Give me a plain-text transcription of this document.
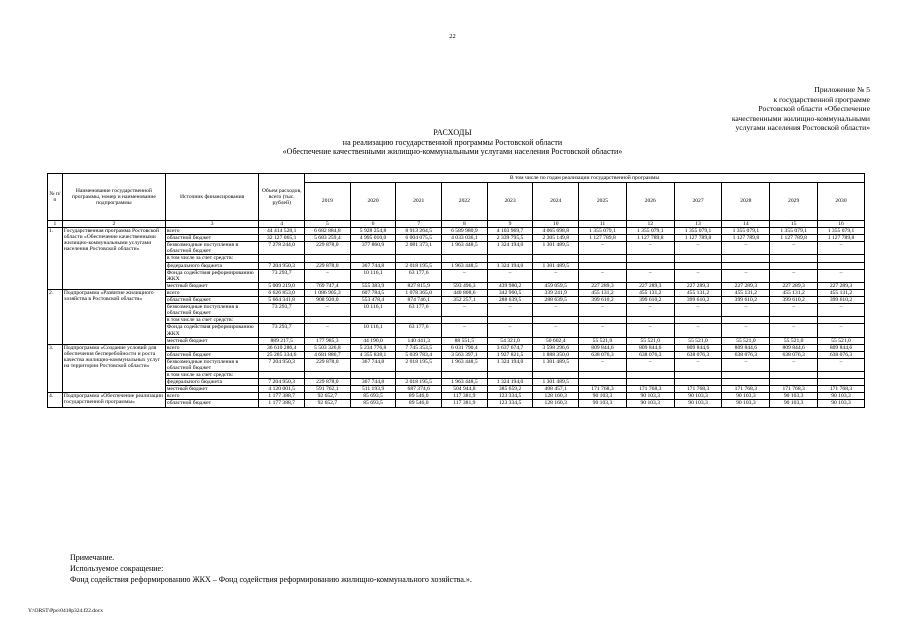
22
Приложение № 5
к государственной программе
Ростовской области «Обеспечение
качественными жилищно-коммунальными
услугами населения Ростовской области»
РАСХОДЫ
на реализацию государственной программы Ростовской области
«Обеспечение качественными жилищно-коммунальными услугами населения Ростовской области»
№ п/п	Наименование государственной программы, номер и наименование подпрограммы	Источник финансирования	Объем расходов, всего (тыс. рублей)	В том числе по годам реализации государственной программы											
				2019	2020	2021	2022	2023	2024	2025	2026	2027	2028	2029	2030
1	2	3	4	5	6	7	8	9	10	11	12	13	14	15	16
1.	Государственная программа Ростовской области «Обеспечение качественными жилищно-коммунальными услугами населения Ростовской области»	всего	44 414 528,1	6 682 884,8	5 928 254,8	8 913 264,5	6 589 980,9	4 103 969,7	4 065 698,8	1 355 079,1	1 355 079,1	1 355 079,1	1 355 079,1	1 355 079,1	1 355 079,1
		областной бюджет	32 127 065,1	5 683 259,4	4 995 010,0	6 004 075,5	4 033 036,1	2 339 795,5	2 305 149,8	1 127 789,8	1 127 789,8	1 127 789,8	1 127 789,8	1 127 789,8	1 127 789,8
		безвозмездные поступления в областной бюджет	7 278 244,0	229 878,0	377 860,9	2 081 373,1	1 963 448,5	1 324 194,0	1 301 489,5	–	–	–	–	–	–
		в том числе за счет средств:													
		федерального бюджета	7 204 950,3	229 878,0	367 744,8	2 018 195,5	1 963 448,5	1 324 194,0	1 301 489,5						
		Фонда содействия реформированию ЖКХ	73 293,7	–	10 116,1	63 177,6	–	–	–	–	–	–	–	–	–
		местный бюджет	5 009 219,0	769 747,4	555 383,9	827 815,9	593 496,3	439 980,2	459 059,5	227 289,3	227 289,3	227 289,3	227 289,3	227 289,3	227 289,3
2.	Подпрограмма «Развитие жилищного хозяйства в Ростовской области»	всего	6 626 853,0	1 086 905,3	607 784,5	1 078 365,0	440 808,6	342 960,5	339 241,9	455 131,2	455 131,2	455 131,2	455 131,2	455 131,2	455 131,2
		областной бюджет	5 664 341,8	908 920,0	553 478,4	874 746,1	352 257,1	288 639,5	288 639,5	399 610,2	399 610,2	399 610,2	399 610,2	399 610,2	399 610,2
		безвозмездные поступления в областной бюджет	73 293,7	–	10 116,1	63 177,6	–	–	–	–	–	–	–	–	–
		в том числе за счет средств:													
		Фонда содействия реформированию ЖКХ	73 293,7	–	10 116,1	63 177,6	–	–	–	–	–	–	–	–	–
		местный бюджет	889 217,5	177 985,3	44 190,0	140 441,3	88 551,5	54 321,0	50 602,4	55 521,0	55 521,0	55 521,0	55 521,0	55 521,0	55 521,0
3.	Подпрограмма «Создание условий для обеспечения бесперебойности и роста качества жилищно-коммунальных услуг на территории Ростовской области»	всего	36 610 286,4	5 503 326,8	5 234 776,8	7 745 353,5	6 031 790,4	3 637 674,7	3 598 296,6	809 844,6	809 844,6	809 844,6	809 844,6	809 844,6	809 844,6
		областной бюджет	25 285 334,6	4 681 886,7	4 355 838,1	5 039 783,4	3 563 397,1	1 927 821,5	1 888 350,0	638 076,3	638 076,3	638 076,3	638 076,3	638 076,3	638 076,3
		безвозмездные поступления в областной бюджет	7 204 950,3	229 878,0	367 744,8	2 018 195,5	1 963 448,5	1 324 194,0	1 301 489,5	–	–	–	–	–	–
		в том числе за счет средств:													
		федерального бюджета	7 204 950,3	229 878,0	367 744,8	2 018 195,5	1 963 448,5	1 324 194,0	1 301 489,5						
		местный бюджет	4 120 001,5	591 762,1	511 193,9	687 374,6	504 944,8	385 659,2	408 457,1	171 768,3	171 768,3	171 768,3	171 768,3	171 768,3	171 768,3
4.	Подпрограмма «Обеспечение реализации государственной программы»	всего	1 177 388,7	92 652,7	85 693,5	89 546,0	117 381,9	123 334,5	128 160,3	90 103,3	90 103,3	90 103,3	90 103,3	90 103,3	90 103,3
		областной бюджет	1 177 388,7	92 652,7	85 693,5	89 546,0	117 381,9	123 334,5	128 160,3	90 103,3	90 103,3	90 103,3	90 103,3	90 103,3	90 103,3
Примечание.
Используемое сокращение:
Фонд содействия реформированию ЖКХ – Фонд содействия реформированию жилищно-коммунального хозяйства.».
Y:\ORST\Ppo\0418p324.f22.docx
